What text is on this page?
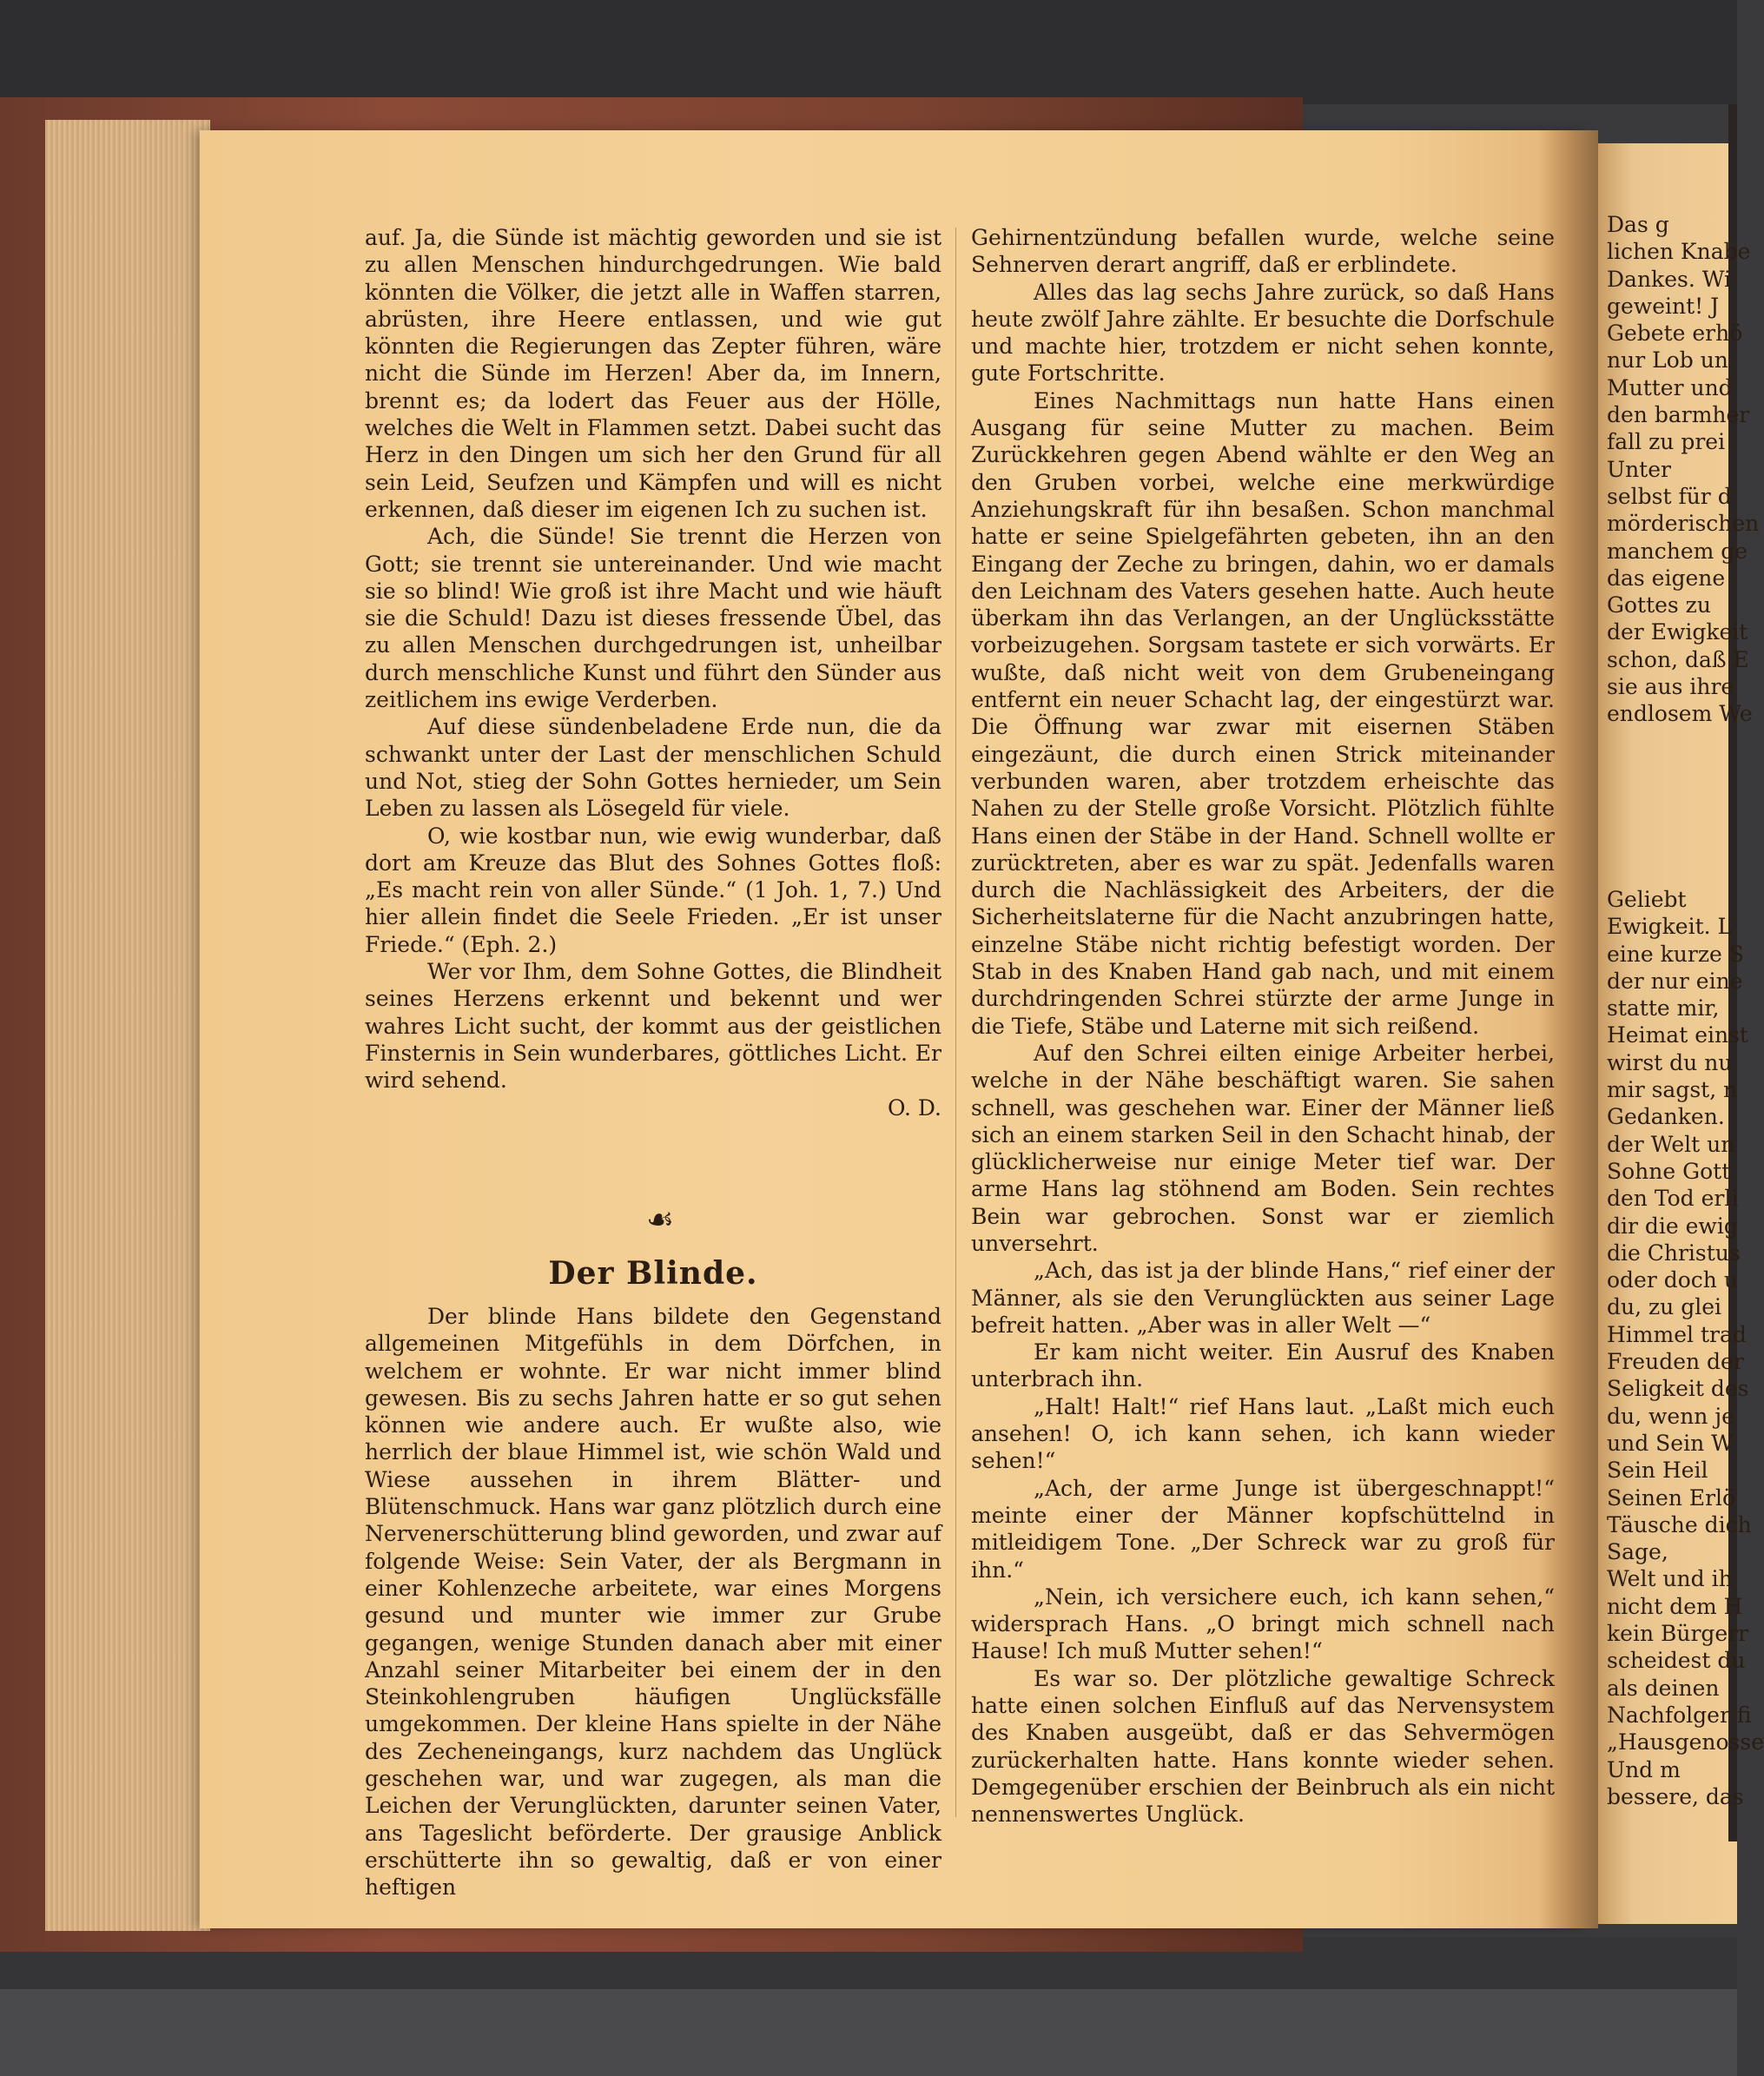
auf. Ja, die Sünde ist mächtig geworden und sie ist zu allen Menschen hindurchgedrungen. Wie bald könnten die Völker, die jetzt alle in Waffen starren, abrüsten, ihre Heere entlassen, und wie gut könnten die Regierungen das Zepter führen, wäre nicht die Sünde im Herzen! Aber da, im Innern, brennt es; da lodert das Feuer aus der Hölle, welches die Welt in Flammen setzt. Dabei sucht das Herz in den Dingen um sich her den Grund für all sein Leid, Seufzen und Kämpfen und will es nicht erkennen, daß dieser im eigenen Ich zu suchen ist.

Ach, die Sünde! Sie trennt die Herzen von Gott; sie trennt sie untereinander. Und wie macht sie so blind! Wie groß ist ihre Macht und wie häuft sie die Schuld! Dazu ist dieses fressende Übel, das zu allen Menschen durchgedrungen ist, unheilbar durch menschliche Kunst und führt den Sünder aus zeitlichem ins ewige Verderben.

Auf diese sündenbeladene Erde nun, die da schwankt unter der Last der menschlichen Schuld und Not, stieg der Sohn Gottes hernieder, um Sein Leben zu lassen als Lösegeld für viele.

O, wie kostbar nun, wie ewig wunderbar, daß dort am Kreuze das Blut des Sohnes Gottes floß: „Es macht rein von aller Sünde.“ (1 Joh. 1, 7.) Und hier allein findet die Seele Frieden. „Er ist unser Friede.“ (Eph. 2.)

Wer vor Ihm, dem Sohne Gottes, die Blindheit seines Herzens erkennt und bekennt und wer wahres Licht sucht, der kommt aus der geistlichen Finsternis in Sein wunderbares, göttliches Licht. Er wird sehend.

O. D.

☙
Der Blinde.

Der blinde Hans bildete den Gegenstand allgemeinen Mitgefühls in dem Dörfchen, in welchem er wohnte. Er war nicht immer blind gewesen. Bis zu sechs Jahren hatte er so gut sehen können wie andere auch. Er wußte also, wie herrlich der blaue Himmel ist, wie schön Wald und Wiese aussehen in ihrem Blätter- und Blütenschmuck. Hans war ganz plötzlich durch eine Nervenerschütterung blind geworden, und zwar auf folgende Weise: Sein Vater, der als Bergmann in einer Kohlenzeche arbeitete, war eines Morgens gesund und munter wie immer zur Grube gegangen, wenige Stunden danach aber mit einer Anzahl seiner Mitarbeiter bei einem der in den Steinkohlengruben häufigen Unglücksfälle umgekommen. Der kleine Hans spielte in der Nähe des Zecheneingangs, kurz nachdem das Unglück geschehen war, und war zugegen, als man die Leichen der Verunglückten, darunter seinen Vater, ans Tageslicht beförderte. Der grausige Anblick erschütterte ihn so gewaltig, daß er von einer heftigen

Gehirnentzündung befallen wurde, welche seine Sehnerven derart angriff, daß er erblindete.

Alles das lag sechs Jahre zurück, so daß Hans heute zwölf Jahre zählte. Er besuchte die Dorfschule und machte hier, trotzdem er nicht sehen konnte, gute Fortschritte.

Eines Nachmittags nun hatte Hans einen Ausgang für seine Mutter zu machen. Beim Zurückkehren gegen Abend wählte er den Weg an den Gruben vorbei, welche eine merkwürdige Anziehungskraft für ihn besaßen. Schon manchmal hatte er seine Spielgefährten gebeten, ihn an den Eingang der Zeche zu bringen, dahin, wo er damals den Leichnam des Vaters gesehen hatte. Auch heute überkam ihn das Verlangen, an der Unglücksstätte vorbeizugehen. Sorgsam tastete er sich vorwärts. Er wußte, daß nicht weit von dem Grubeneingang entfernt ein neuer Schacht lag, der eingestürzt war. Die Öffnung war zwar mit eisernen Stäben eingezäunt, die durch einen Strick miteinander verbunden waren, aber trotzdem erheischte das Nahen zu der Stelle große Vorsicht. Plötzlich fühlte Hans einen der Stäbe in der Hand. Schnell wollte er zurücktreten, aber es war zu spät. Jedenfalls waren durch die Nachlässigkeit des Arbeiters, der die Sicherheitslaterne für die Nacht anzubringen hatte, einzelne Stäbe nicht richtig befestigt worden. Der Stab in des Knaben Hand gab nach, und mit einem durchdringenden Schrei stürzte der arme Junge in die Tiefe, Stäbe und Laterne mit sich reißend.

Auf den Schrei eilten einige Arbeiter herbei, welche in der Nähe beschäftigt waren. Sie sahen schnell, was geschehen war. Einer der Männer ließ sich an einem starken Seil in den Schacht hinab, der glücklicherweise nur einige Meter tief war. Der arme Hans lag stöhnend am Boden. Sein rechtes Bein war gebrochen. Sonst war er ziemlich unversehrt.

„Ach, das ist ja der blinde Hans,“ rief einer der Männer, als sie den Verunglückten aus seiner Lage befreit hatten. „Aber was in aller Welt —“

Er kam nicht weiter. Ein Ausruf des Knaben unterbrach ihn.

„Halt! Halt!“ rief Hans laut. „Laßt mich euch ansehen! O, ich kann sehen, ich kann wieder sehen!“

„Ach, der arme Junge ist übergeschnappt!“ meinte einer der Männer kopfschüttelnd in mitleidigem Tone. „Der Schreck war zu groß für ihn.“

„Nein, ich versichere euch, ich kann sehen,“ widersprach Hans. „O bringt mich schnell nach Hause! Ich muß Mutter sehen!“

Es war so. Der plötzliche gewaltige Schreck hatte einen solchen Einfluß auf das Nervensystem des Knaben ausgeübt, daß er das Sehvermögen zurückerhalten hatte. Hans konnte wieder sehen. Demgegenüber erschien der Beinbruch als ein nicht nennenswertes Unglück.

Das g

lichen Knabe

Dankes. Wi

geweint! J

Gebete erhö

nur Lob un

Mutter und

den barmher

fall zu prei

Unter

selbst für d

mörderischen

manchem ge

das eigene

Gottes zu

der Ewigkeit

schon, daß E

sie aus ihre

endlosem We

Geliebt

Ewigkeit. L

eine kurze S

der nur eine

statte mir,

Heimat einst

wirst du nu

mir sagst, n

Gedanken.

der Welt un

Sohne Gott

den Tod erli

dir die ewig

die Christus

oder doch u

du, zu glei

Himmel trad

Freuden der

Seligkeit des

du, wenn je

und Sein W

Sein Heil

Seinen Erlö

Täusche dich

Sage,

Welt und ih

nicht dem H

kein Bürgerr

scheidest du

als deinen

Nachfolger fi

„Hausgenosse

Und m

bessere, das
